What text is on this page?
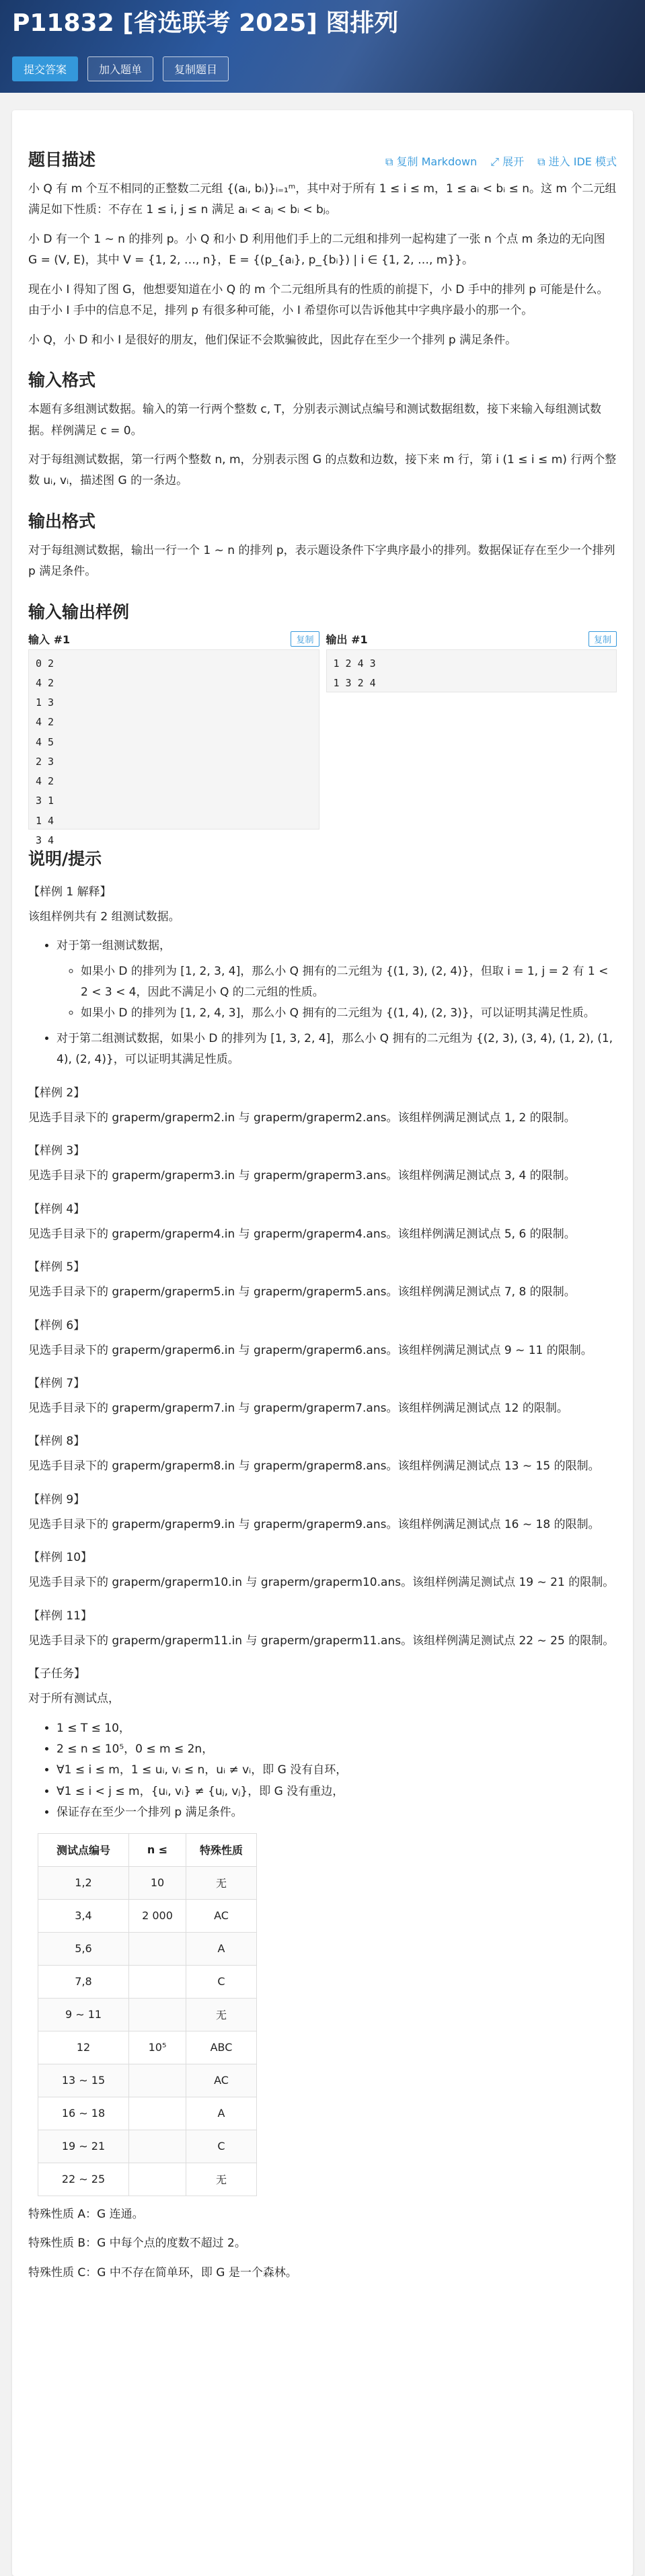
P11832 [省选联考 2025] 图排列
提交答案	加入题单	复制题目
题目描述	⧉ 复制 Markdown ⤢ 展开 ⧉ 进入 IDE 模式

小 Q 有 m 个互不相同的正整数二元组 {(aᵢ, bᵢ)}ᵢ₌₁ᵐ，其中对于所有 1 ≤ i ≤ m，1 ≤ aᵢ < bᵢ ≤ n。这 m 个二元组满足如下性质：不存在 1 ≤ i, j ≤ n 满足 aᵢ < aⱼ < bᵢ < bⱼ。

小 D 有一个 1 ∼ n 的排列 p。小 Q 和小 D 利用他们手上的二元组和排列一起构建了一张 n 个点 m 条边的无向图 G = (V, E)，其中 V = {1, 2, …, n}，E = {(p_{aᵢ}, p_{bᵢ}) | i ∈ {1, 2, …, m}}。

现在小 I 得知了图 G，他想要知道在小 Q 的 m 个二元组所具有的性质的前提下，小 D 手中的排列 p 可能是什么。由于小 I 手中的信息不足，排列 p 有很多种可能，小 I 希望你可以告诉他其中字典序最小的那一个。

小 Q，小 D 和小 I 是很好的朋友，他们保证不会欺骗彼此，因此存在至少一个排列 p 满足条件。

输入格式

本题有多组测试数据。输入的第一行两个整数 c, T，分别表示测试点编号和测试数据组数，接下来输入每组测试数据。样例满足 c = 0。

对于每组测试数据，第一行两个整数 n, m，分别表示图 G 的点数和边数，接下来 m 行，第 i (1 ≤ i ≤ m) 行两个整数 uᵢ, vᵢ，描述图 G 的一条边。

输出格式

对于每组测试数据，输出一行一个 1 ∼ n 的排列 p，表示题设条件下字典序最小的排列。数据保证存在至少一个排列 p 满足条件。

输入输出样例
输入 #1	复制
0 2
4 2
1 3
4 2
4 5
2 3
4 2
3 1
1 4
3 4
输出 #1	复制
1 2 4 3
1 3 2 4
说明/提示
【样例 1 解释】

该组样例共有 2 组测试数据。

• 对于第一组测试数据，
◦ 如果小 D 的排列为 [1, 2, 3, 4]，那么小 Q 拥有的二元组为 {(1, 3), (2, 4)}，但取 i = 1, j = 2 有 1 < 2 < 3 < 4，因此不满足小 Q 的二元组的性质。
◦ 如果小 D 的排列为 [1, 2, 4, 3]，那么小 Q 拥有的二元组为 {(1, 4), (2, 3)}，可以证明其满足性质。
• 对于第二组测试数据，如果小 D 的排列为 [1, 3, 2, 4]，那么小 Q 拥有的二元组为 {(2, 3), (3, 4), (1, 2), (1, 4), (2, 4)}，可以证明其满足性质。
【样例 2】

见选手目录下的 graperm/graperm2.in 与 graperm/graperm2.ans。该组样例满足测试点 1, 2 的限制。

【样例 3】

见选手目录下的 graperm/graperm3.in 与 graperm/graperm3.ans。该组样例满足测试点 3, 4 的限制。

【样例 4】

见选手目录下的 graperm/graperm4.in 与 graperm/graperm4.ans。该组样例满足测试点 5, 6 的限制。

【样例 5】

见选手目录下的 graperm/graperm5.in 与 graperm/graperm5.ans。该组样例满足测试点 7, 8 的限制。

【样例 6】

见选手目录下的 graperm/graperm6.in 与 graperm/graperm6.ans。该组样例满足测试点 9 ∼ 11 的限制。

【样例 7】

见选手目录下的 graperm/graperm7.in 与 graperm/graperm7.ans。该组样例满足测试点 12 的限制。

【样例 8】

见选手目录下的 graperm/graperm8.in 与 graperm/graperm8.ans。该组样例满足测试点 13 ∼ 15 的限制。

【样例 9】

见选手目录下的 graperm/graperm9.in 与 graperm/graperm9.ans。该组样例满足测试点 16 ∼ 18 的限制。

【样例 10】

见选手目录下的 graperm/graperm10.in 与 graperm/graperm10.ans。该组样例满足测试点 19 ∼ 21 的限制。

【样例 11】

见选手目录下的 graperm/graperm11.in 与 graperm/graperm11.ans。该组样例满足测试点 22 ∼ 25 的限制。

【子任务】

对于所有测试点，

• 1 ≤ T ≤ 10，
• 2 ≤ n ≤ 10⁵，0 ≤ m ≤ 2n，
• ∀1 ≤ i ≤ m，1 ≤ uᵢ, vᵢ ≤ n，uᵢ ≠ vᵢ，即 G 没有自环，
• ∀1 ≤ i < j ≤ m，{uᵢ, vᵢ} ≠ {uⱼ, vⱼ}，即 G 没有重边，
• 保证存在至少一个排列 p 满足条件。
测试点编号	n ≤	特殊性质
1,2	10	无
3,4	2 000	AC
5,6		A
7,8		C
9 ∼ 11		无
12	10⁵	ABC
13 ∼ 15		AC
16 ∼ 18		A
19 ∼ 21		C
22 ∼ 25		无

特殊性质 A：G 连通。

特殊性质 B：G 中每个点的度数不超过 2。

特殊性质 C：G 中不存在简单环，即 G 是一个森林。
